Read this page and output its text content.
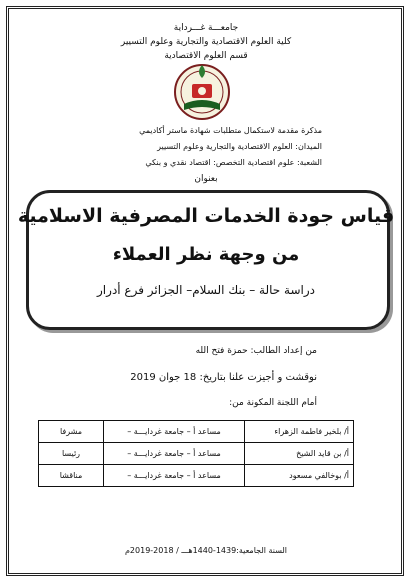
جامعـــة غـــرداية
كلية العلوم الاقتصادية والتجارية وعلوم التسيير
قسم العلوم الاقتصادية
مذكرة مقدمة لاستكمال متطلبات شهادة ماستر أكاديمي
الميدان: العلوم الاقتصادية والتجارية وعلوم التسيير
الشعبة: علوم اقتصادية التخصص: اقتصاد نقدي و بنكي
بعنوان
قياس جودة الخدمات المصرفية الاسلامية
من وجهة نظر العملاء
دراسة حالة – بنك السلام– الجزائر فرع أدرار
من إعداد الطالب: حمزة فتح الله
نوقشت و أجيزت علنا بتاريخ: 18 جوان 2019
أمام اللجنة المكونة من:
أ/ بلخير فاطمة الزهراء	مساعد أ – جامعة غردايـــة –	مشرفا
أ/ بن قايد الشيخ	مساعد أ – جامعة غردايـــة –	رئيسا
أ/ بوخالفي مسعود	مساعد أ – جامعة غردايـــة –	مناقشا
السنة الجامعية:1439-1440هـــ / 2018-2019م
